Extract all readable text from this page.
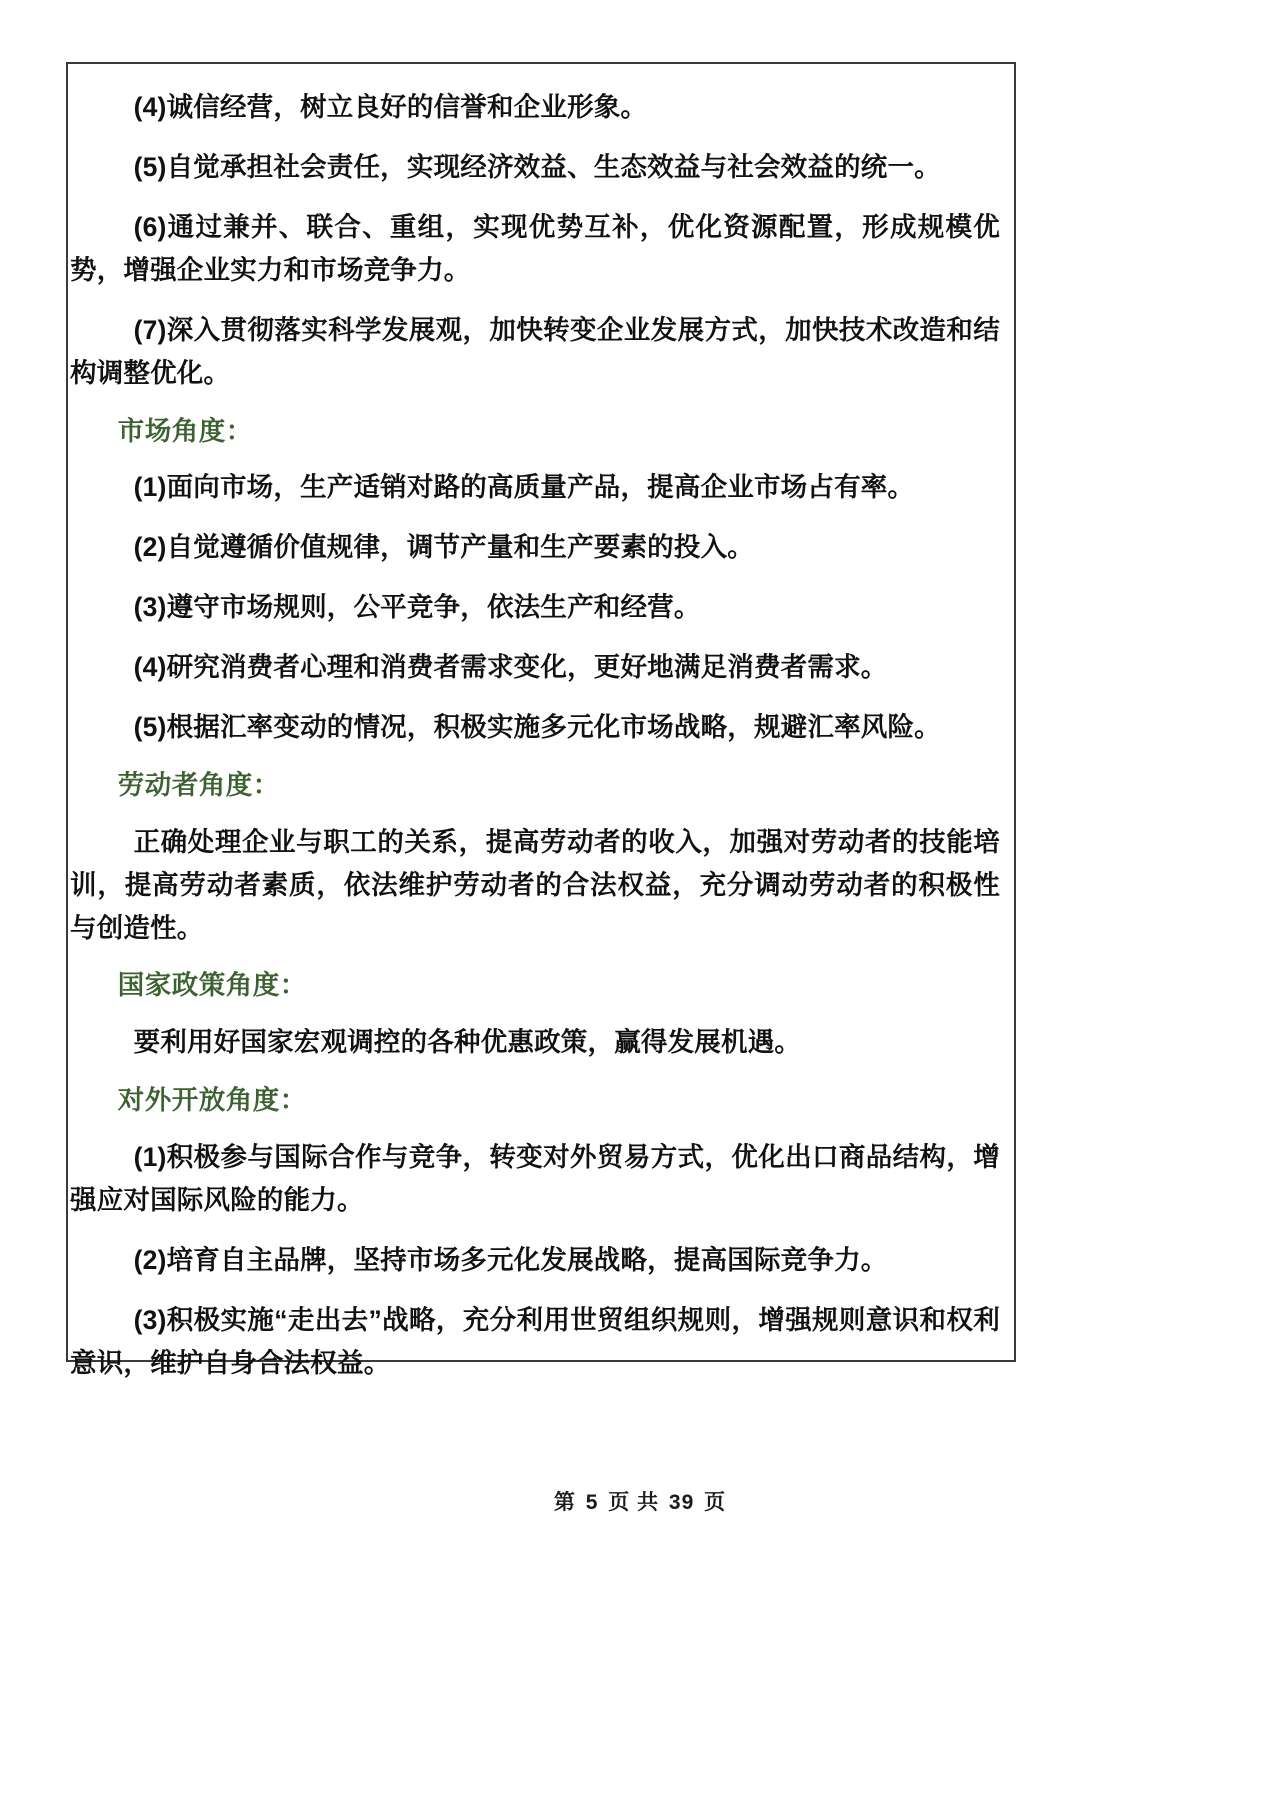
(4)诚信经营，树立良好的信誉和企业形象。

(5)自觉承担社会责任，实现经济效益、生态效益与社会效益的统一。

(6)通过兼并、联合、重组，实现优势互补，优化资源配置，形成规模优势，增强企业实力和市场竞争力。

(7)深入贯彻落实科学发展观，加快转变企业发展方式，加快技术改造和结构调整优化。

市场角度：

(1)面向市场，生产适销对路的高质量产品，提高企业市场占有率。

(2)自觉遵循价值规律，调节产量和生产要素的投入。

(3)遵守市场规则，公平竞争，依法生产和经营。

(4)研究消费者心理和消费者需求变化，更好地满足消费者需求。

(5)根据汇率变动的情况，积极实施多元化市场战略，规避汇率风险。

劳动者角度：

正确处理企业与职工的关系，提高劳动者的收入，加强对劳动者的技能培训，提高劳动者素质，依法维护劳动者的合法权益，充分调动劳动者的积极性与创造性。

国家政策角度：

要利用好国家宏观调控的各种优惠政策，赢得发展机遇。

对外开放角度：

(1)积极参与国际合作与竞争，转变对外贸易方式，优化出口商品结构，增强应对国际风险的能力。

(2)培育自主品牌，坚持市场多元化发展战略，提高国际竞争力。

(3)积极实施“走出去”战略，充分利用世贸组织规则，增强规则意识和权利意识，维护自身合法权益。

第 5 页 共 39 页
